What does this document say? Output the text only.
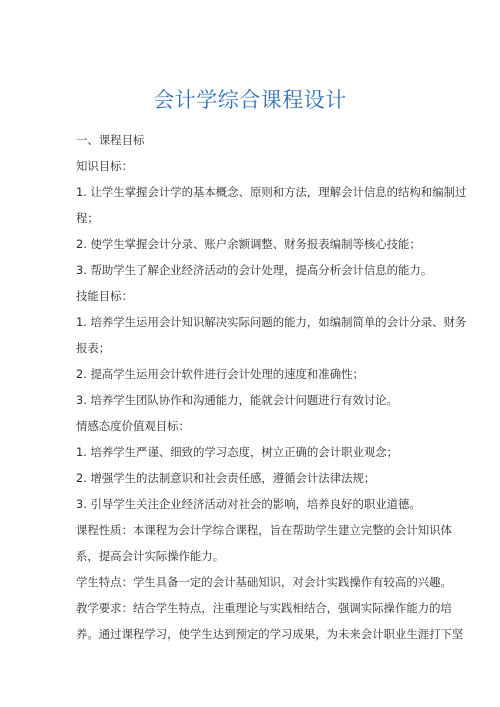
会计学综合课程设计

一、课程目标

知识目标：

1. 让学生掌握会计学的基本概念、原则和方法，理解会计信息的结构和编制过

程；

2. 使学生掌握会计分录、账户余额调整、财务报表编制等核心技能；

3. 帮助学生了解企业经济活动的会计处理，提高分析会计信息的能力。

技能目标：

1. 培养学生运用会计知识解决实际问题的能力，如编制简单的会计分录、财务

报表；

2. 提高学生运用会计软件进行会计处理的速度和准确性；

3. 培养学生团队协作和沟通能力，能就会计问题进行有效讨论。

情感态度价值观目标：

1. 培养学生严谨、细致的学习态度，树立正确的会计职业观念；

2. 增强学生的法制意识和社会责任感，遵循会计法律法规；

3. 引导学生关注企业经济活动对社会的影响，培养良好的职业道德。

课程性质：本课程为会计学综合课程，旨在帮助学生建立完整的会计知识体

系，提高会计实际操作能力。

学生特点：学生具备一定的会计基础知识，对会计实践操作有较高的兴趣。

教学要求：结合学生特点，注重理论与实践相结合，强调实际操作能力的培

养。通过课程学习，使学生达到预定的学习成果，为未来会计职业生涯打下坚
